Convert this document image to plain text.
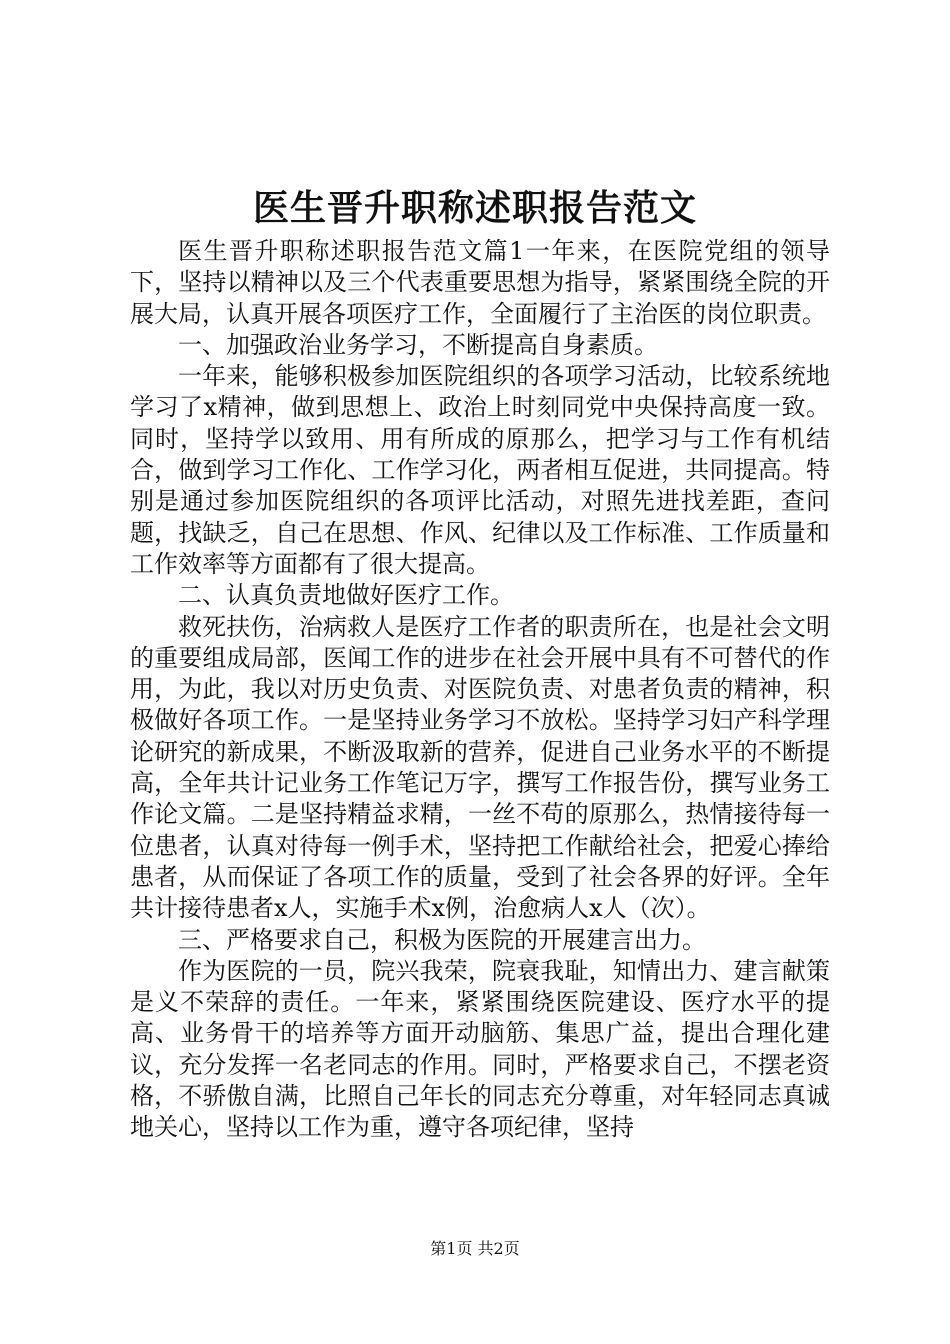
医生晋升职称述职报告范文

医生晋升职称述职报告范文篇1一年来，在医院党组的领导下，坚持以精神以及三个代表重要思想为指导，紧紧围绕全院的开展大局，认真开展各项医疗工作，全面履行了主治医的岗位职责。

一、加强政治业务学习，不断提高自身素质。

一年来，能够积极参加医院组织的各项学习活动，比较系统地学习了x精神，做到思想上、政治上时刻同党中央保持高度一致。同时，坚持学以致用、用有所成的原那么，把学习与工作有机结合，做到学习工作化、工作学习化，两者相互促进，共同提高。特别是通过参加医院组织的各项评比活动，对照先进找差距，查问题，找缺乏，自己在思想、作风、纪律以及工作标准、工作质量和工作效率等方面都有了很大提高。

二、认真负责地做好医疗工作。

救死扶伤，治病救人是医疗工作者的职责所在，也是社会文明的重要组成局部，医闻工作的进步在社会开展中具有不可替代的作用，为此，我以对历史负责、对医院负责、对患者负责的精神，积极做好各项工作。一是坚持业务学习不放松。坚持学习妇产科学理论研究的新成果，不断汲取新的营养，促进自己业务水平的不断提高，全年共计记业务工作笔记万字，撰写工作报告份，撰写业务工作论文篇。二是坚持精益求精，一丝不苟的原那么，热情接待每一位患者，认真对待每一例手术，坚持把工作献给社会，把爱心捧给患者，从而保证了各项工作的质量，受到了社会各界的好评。全年共计接待患者x人，实施手术x例，治愈病人x人（次）。

三、严格要求自己，积极为医院的开展建言出力。

作为医院的一员，院兴我荣，院衰我耻，知情出力、建言献策是义不荣辞的责任。一年来，紧紧围绕医院建设、医疗水平的提高、业务骨干的培养等方面开动脑筋、集思广益，提出合理化建议，充分发挥一名老同志的作用。同时，严格要求自己，不摆老资格，不骄傲自满，比照自己年长的同志充分尊重，对年轻同志真诚地关心，坚持以工作为重，遵守各项纪律，坚持

第1页 共2页
